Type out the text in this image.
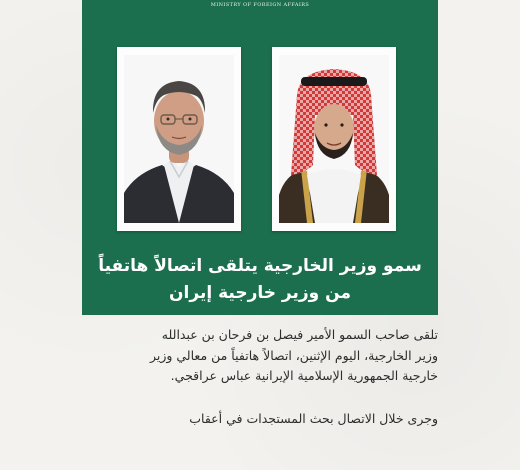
MINISTRY OF FOREIGN AFFAIRS
سمو وزير الخارجية يتلقى اتصالاً هاتفياً
من وزير خارجية إيران

تلقى صاحب السمو الأمير فيصل بن فرحان بن عبدالله
وزير الخارجية، اليوم الإثنين، اتصالاً هاتفياً من معالي وزير
خارجية الجمهورية الإسلامية الإيرانية عباس عراقجي.

وجرى خلال الاتصال بحث المستجدات في أعقاب
